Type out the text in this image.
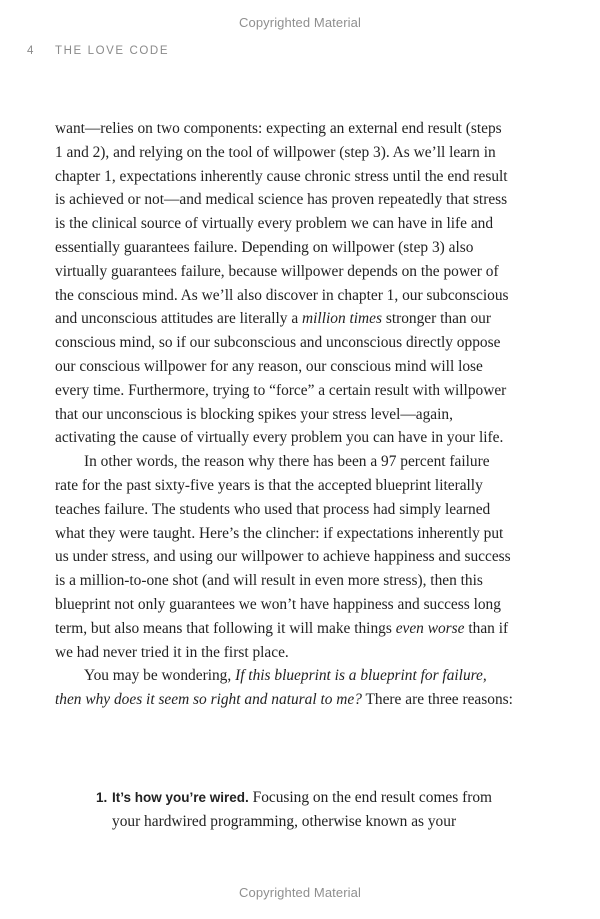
Copyrighted Material
4 THE LOVE CODE

want—relies on two components: expecting an external end result (steps 1 and 2), and relying on the tool of willpower (step 3). As we’ll learn in chapter 1, expectations inherently cause chronic stress until the end result is achieved or not—and medical science has proven repeatedly that stress is the clinical source of virtually every problem we can have in life and essentially guarantees failure. Depending on willpower (step 3) also virtually guarantees failure, because willpower depends on the power of the conscious mind. As we’ll also discover in chapter 1, our subconscious and unconscious attitudes are literally a million times stronger than our conscious mind, so if our subconscious and unconscious directly oppose our conscious willpower for any reason, our conscious mind will lose every time. Furthermore, trying to “force” a certain result with willpower that our unconscious is blocking spikes your stress level—again, activating the cause of virtually every problem you can have in your life.

In other words, the reason why there has been a 97 percent failure rate for the past sixty-five years is that the accepted blueprint literally teaches failure. The students who used that process had simply learned what they were taught. Here’s the clincher: if expectations inherently put us under stress, and using our willpower to achieve happiness and success is a million-to-one shot (and will result in even more stress), then this blueprint not only guarantees we won’t have happiness and success long term, but also means that following it will make things even worse than if we had never tried it in the first place.

You may be wondering, If this blueprint is a blueprint for failure, then why does it seem so right and natural to me? There are three reasons:

1. It’s how you’re wired. Focusing on the end result comes from your hardwired programming, otherwise known as your
Copyrighted Material
